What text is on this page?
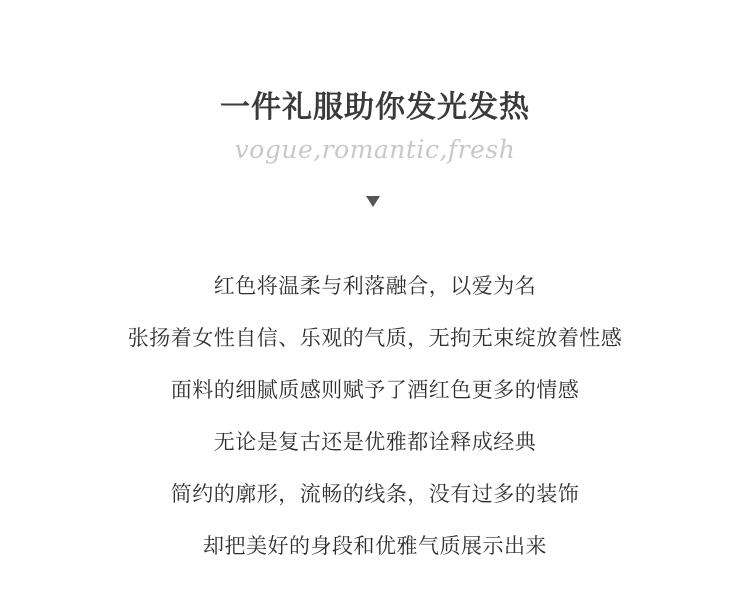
一件礼服助你发光发热
vogue,romantic,fresh
红色将温柔与利落融合，以爱为名
张扬着女性自信、乐观的气质，无拘无束绽放着性感
面料的细腻质感则赋予了酒红色更多的情感
无论是复古还是优雅都诠释成经典
简约的廓形，流畅的线条，没有过多的装饰
却把美好的身段和优雅气质展示出来
